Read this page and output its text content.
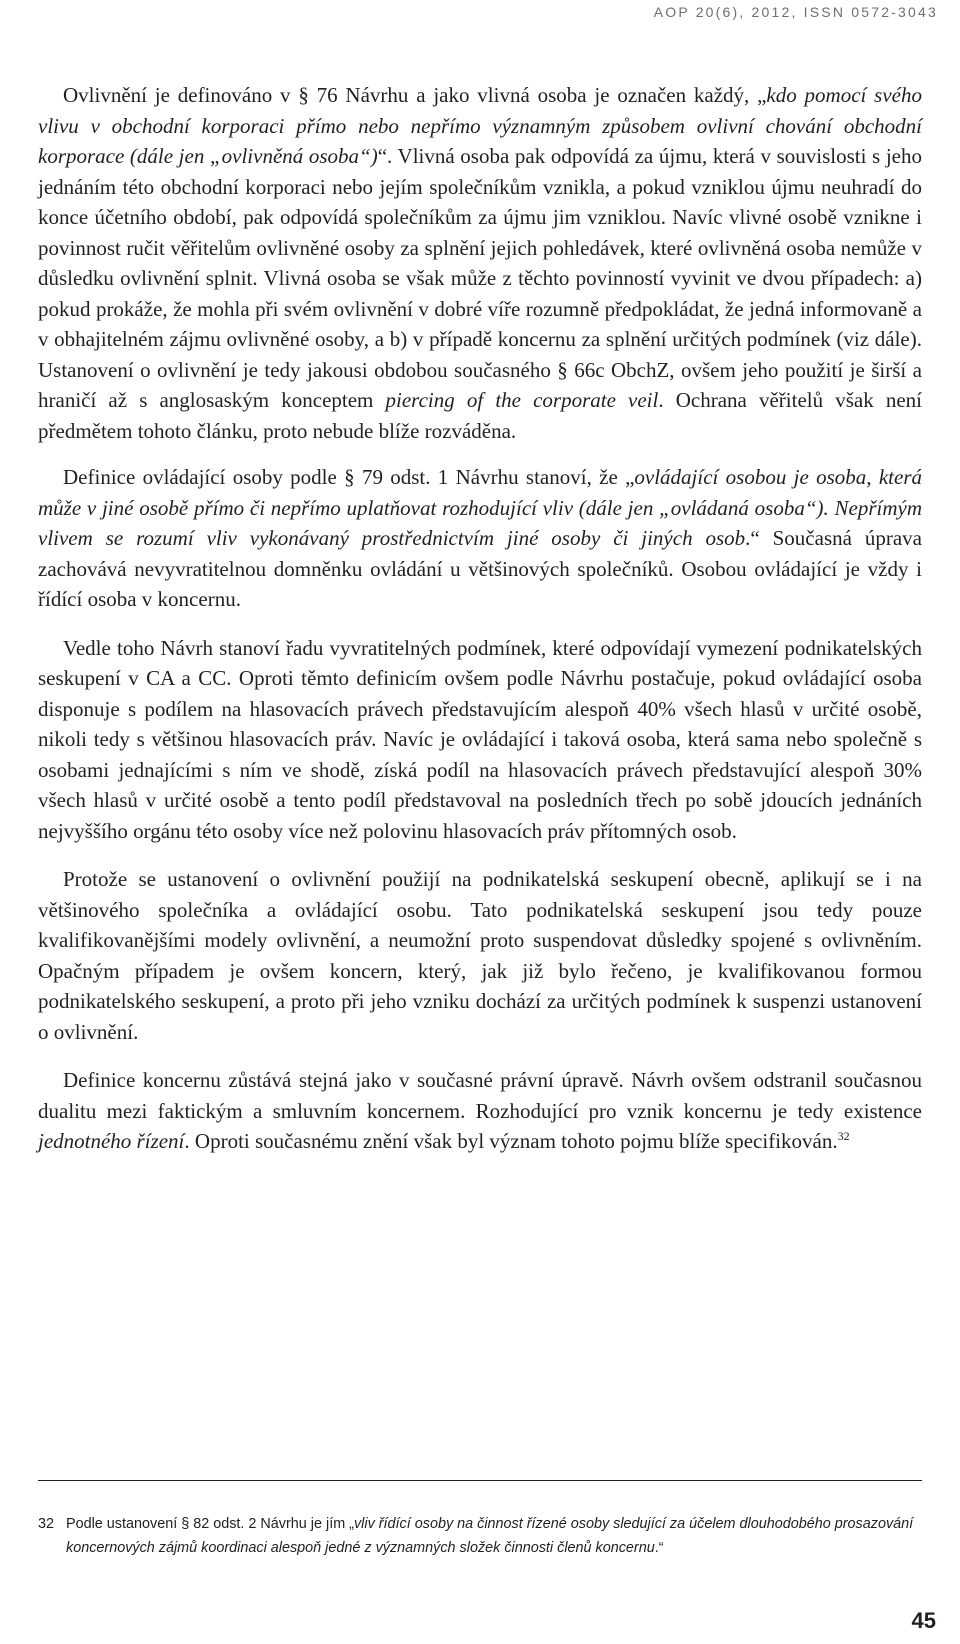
AOP 20(6), 2012, ISSN 0572-3043

Ovlivnění je definováno v § 76 Návrhu a jako vlivná osoba je označen každý, „kdo pomocí svého vlivu v obchodní korporaci přímo nebo nepřímo významným způsobem ovlivní chování obchodní korporace (dále jen „ovlivněná osoba“)“. Vlivná osoba pak odpovídá za újmu, která v souvislosti s jeho jednáním této obchodní korporaci nebo jejím společníkům vznikla, a pokud vzniklou újmu neuhradí do konce účetního období, pak odpovídá společníkům za újmu jim vzniklou. Navíc vlivné osobě vznikne i povinnost ručit věřitelům ovlivněné osoby za splnění jejich pohledávek, které ovlivněná osoba nemůže v důsledku ovlivnění splnit. Vlivná osoba se však může z těchto povinností vyvinit ve dvou případech: a) pokud prokáže, že mohla při svém ovlivnění v dobré víře rozumně předpokládat, že jedná informovaně a v obhajitelném zájmu ovlivněné osoby, a b) v případě koncernu za splnění určitých podmínek (viz dále). Ustanovení o ovlivnění je tedy jakousi obdobou současného § 66c ObchZ, ovšem jeho použití je širší a hraničí až s anglosaským konceptem piercing of the corporate veil. Ochrana věřitelů však není předmětem tohoto článku, proto nebude blíže rozváděna.

Definice ovládající osoby podle § 79 odst. 1 Návrhu stanoví, že „ovládající osobou je osoba, která může v jiné osobě přímo či nepřímo uplatňovat rozhodující vliv (dále jen „ovládaná osoba“). Nepřímým vlivem se rozumí vliv vykonávaný prostřednictvím jiné osoby či jiných osob.“ Současná úprava zachovává nevyvratitelnou domněnku ovládání u většinových společníků. Osobou ovládající je vždy i řídící osoba v koncernu.

Vedle toho Návrh stanoví řadu vyvratitelných podmínek, které odpovídají vymezení podnikatelských seskupení v CA a CC. Oproti těmto definicím ovšem podle Návrhu postačuje, pokud ovládající osoba disponuje s podílem na hlasovacích právech představujícím alespoň 40% všech hlasů v určité osobě, nikoli tedy s většinou hlasovacích práv. Navíc je ovládající i taková osoba, která sama nebo společně s osobami jednajícími s ním ve shodě, získá podíl na hlasovacích právech představující alespoň 30% všech hlasů v určité osobě a tento podíl představoval na posledních třech po sobě jdoucích jednáních nejvyššího orgánu této osoby více než polovinu hlasovacích práv přítomných osob.

Protože se ustanovení o ovlivnění použijí na podnikatelská seskupení obecně, aplikují se i na většinového společníka a ovládající osobu. Tato podnikatelská seskupení jsou tedy pouze kvalifikovanějšími modely ovlivnění, a neumožní proto suspendovat důsledky spojené s ovlivněním. Opačným případem je ovšem koncern, který, jak již bylo řečeno, je kvalifikovanou formou podnikatelského seskupení, a proto při jeho vzniku dochází za určitých podmínek k suspenzi ustanovení o ovlivnění.

Definice koncernu zůstává stejná jako v současné právní úpravě. Návrh ovšem odstranil současnou dualitu mezi faktickým a smluvním koncernem. Rozhodující pro vznik koncernu je tedy existence jednotného řízení. Oproti současnému znění však byl význam tohoto pojmu blíže specifikován.$^{32}$

32 Podle ustanovení § 82 odst. 2 Návrhu je jím „vliv řídící osoby na činnost řízené osoby sledující za účelem dlouhodobého prosazování koncernových zájmů koordinaci alespoň jedné z významných složek činnosti členů koncernu.“
45
